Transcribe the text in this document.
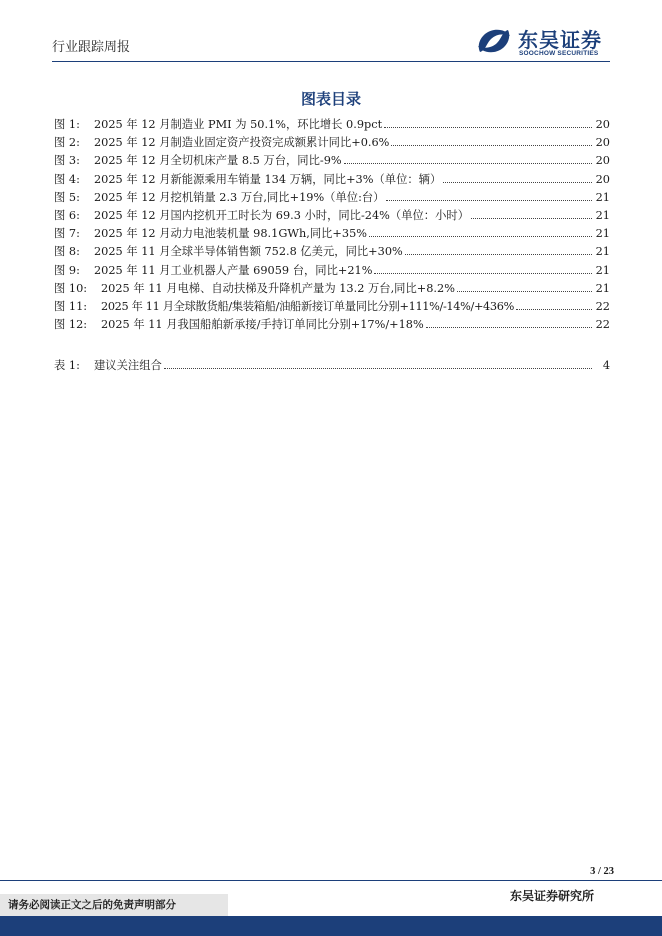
行业跟踪周报	东吴证券
SOOCHOW SECURITIES
图表目录
图 1:	2025 年 12 月制造业 PMI 为 50.1%，环比增长 0.9pct	20
图 2:	2025 年 12 月制造业固定资产投资完成额累计同比+0.6%	20
图 3:	2025 年 12 月全切机床产量 8.5 万台，同比-9%	20
图 4:	2025 年 12 月新能源乘用车销量 134 万辆，同比+3%（单位：辆）	20
图 5:	2025 年 12 月挖机销量 2.3 万台,同比+19%（单位:台）	21
图 6:	2025 年 12 月国内挖机开工时长为 69.3 小时，同比-24%（单位：小时）	21
图 7:	2025 年 12 月动力电池装机量 98.1GWh,同比+35%	21
图 8:	2025 年 11 月全球半导体销售额 752.8 亿美元，同比+30%	21
图 9:	2025 年 11 月工业机器人产量 69059 台，同比+21%	21
图 10:	2025 年 11 月电梯、自动扶梯及升降机产量为 13.2 万台,同比+8.2%	21
图 11:	2025 年 11 月全球散货船/集装箱船/油船新接订单量同比分别+111%/-14%/+436%	22
图 12:	2025 年 11 月我国船舶新承接/手持订单同比分别+17%/+18%	22
表 1:	建议关注组合	4
3 / 23
请务必阅读正文之后的免责声明部分
东吴证券研究所
